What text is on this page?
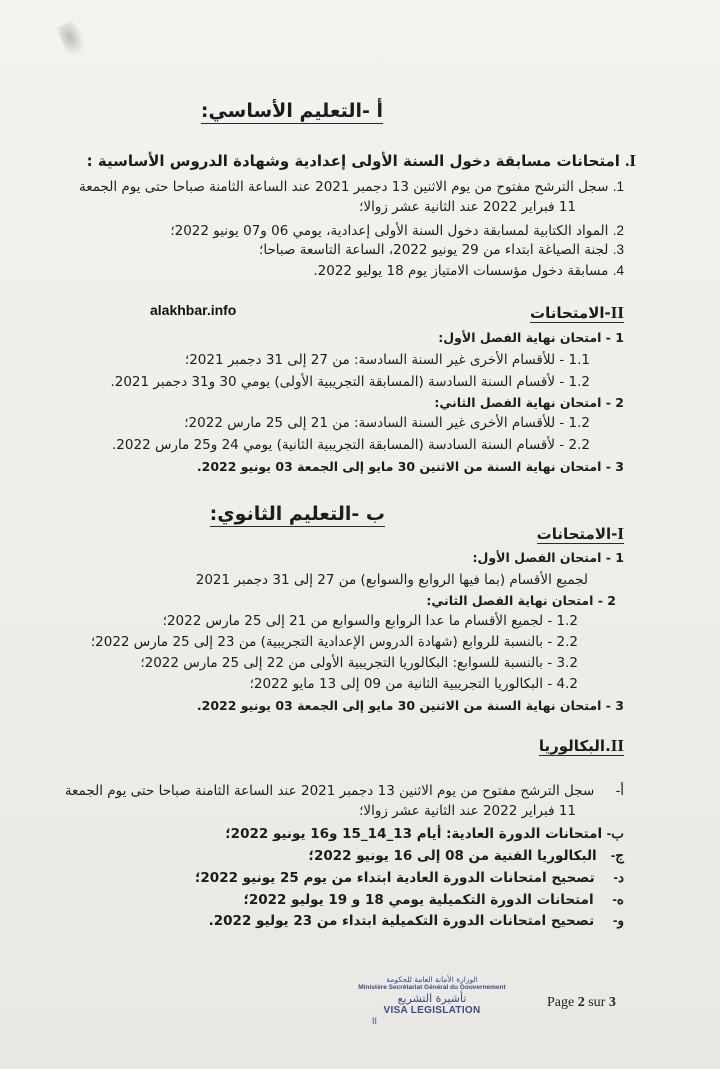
أ -التعليم الأساسي:
I. امتحانات مسابقة دخول السنة الأولى إعدادية وشهادة الدروس الأساسية :
1. سجل الترشح مفتوح من يوم الاثنين 13 دجمبر 2021 عند الساعة الثامنة صباحا حتى يوم الجمعة
11 فبراير 2022 عند الثانية عشر زوالا؛
2. المواد الكتابية لمسابقة دخول السنة الأولى إعدادية، يومي 06 و07 يونيو 2022؛
3. لجنة الصياغة ابتداء من 29 يونيو 2022، الساعة التاسعة صباحا؛
4. مسابقة دخول مؤسسات الامتياز يوم 18 يوليو 2022.
alakhbar.info	II-الامتحانات
1 - امتحان نهاية الفصل الأول:
1.1 - للأقسام الأخرى غير السنة السادسة: من 27 إلى 31 دجمبر 2021؛
1.2 - لأقسام السنة السادسة (المسابقة التجريبية الأولى) يومي 30 و31 دجمبر 2021.
2 - امتحان نهاية الفصل الثاني:
1.2 - للأقسام الأخرى غير السنة السادسة: من 21 إلى 25 مارس 2022؛
2.2 - لأقسام السنة السادسة (المسابقة التجريبية الثانية) يومي 24 و25 مارس 2022.
3 - امتحان نهاية السنة من الاثنين 30 مايو إلى الجمعة 03 يونيو 2022.
ب -التعليم الثانوي:
I-الامتحانات
1 - امتحان الفصل الأول:
لجميع الأقسام (بما فيها الروابع والسوابع) من 27 إلى 31 دجمبر 2021
2 - امتحان نهاية الفصل الثاني:
1.2 - لجميع الأقسام ما عدا الروابع والسوابع من 21 إلى 25 مارس 2022؛
2.2 - بالنسبة للروابع (شهادة الدروس الإعدادية التجريبية) من 23 إلى 25 مارس 2022؛
3.2 - بالنسبة للسوابع: البكالوريا التجريبية الأولى من 22 إلى 25 مارس 2022؛
4.2 - البكالوريا التجريبية الثانية من 09 إلى 13 مايو 2022؛
3 - امتحان نهاية السنة من الاثنين 30 مايو إلى الجمعة 03 يونيو 2022.
II.البكالوريا
أ-     سجل الترشح مفتوح من يوم الاثنين 13 دجمبر 2021 عند الساعة الثامنة صباحا حتى يوم الجمعة
11 فبراير 2022 عند الثانية عشر زوالا؛
ب- امتحانات الدورة العادية: أيام 13_14_15 و16 يونيو 2022؛
ج-   البكالوريا الفنية من 08 إلى 16 يونيو 2022؛
د-    تصحيح امتحانات الدورة العادية ابتداء من يوم 25 يونيو 2022؛
ه-    امتحانات الدورة التكميلية يومي 18 و 19 يوليو 2022؛
و-    تصحيح امتحانات الدورة التكميلية ابتداء من 23 يوليو 2022.
الوزارة الأمانة العامة للحكومة
Ministère Secrétariat Général du Gouvernement
تأشيرة التشريع
VISA LEGISLATION
II
Page 2 sur 3
